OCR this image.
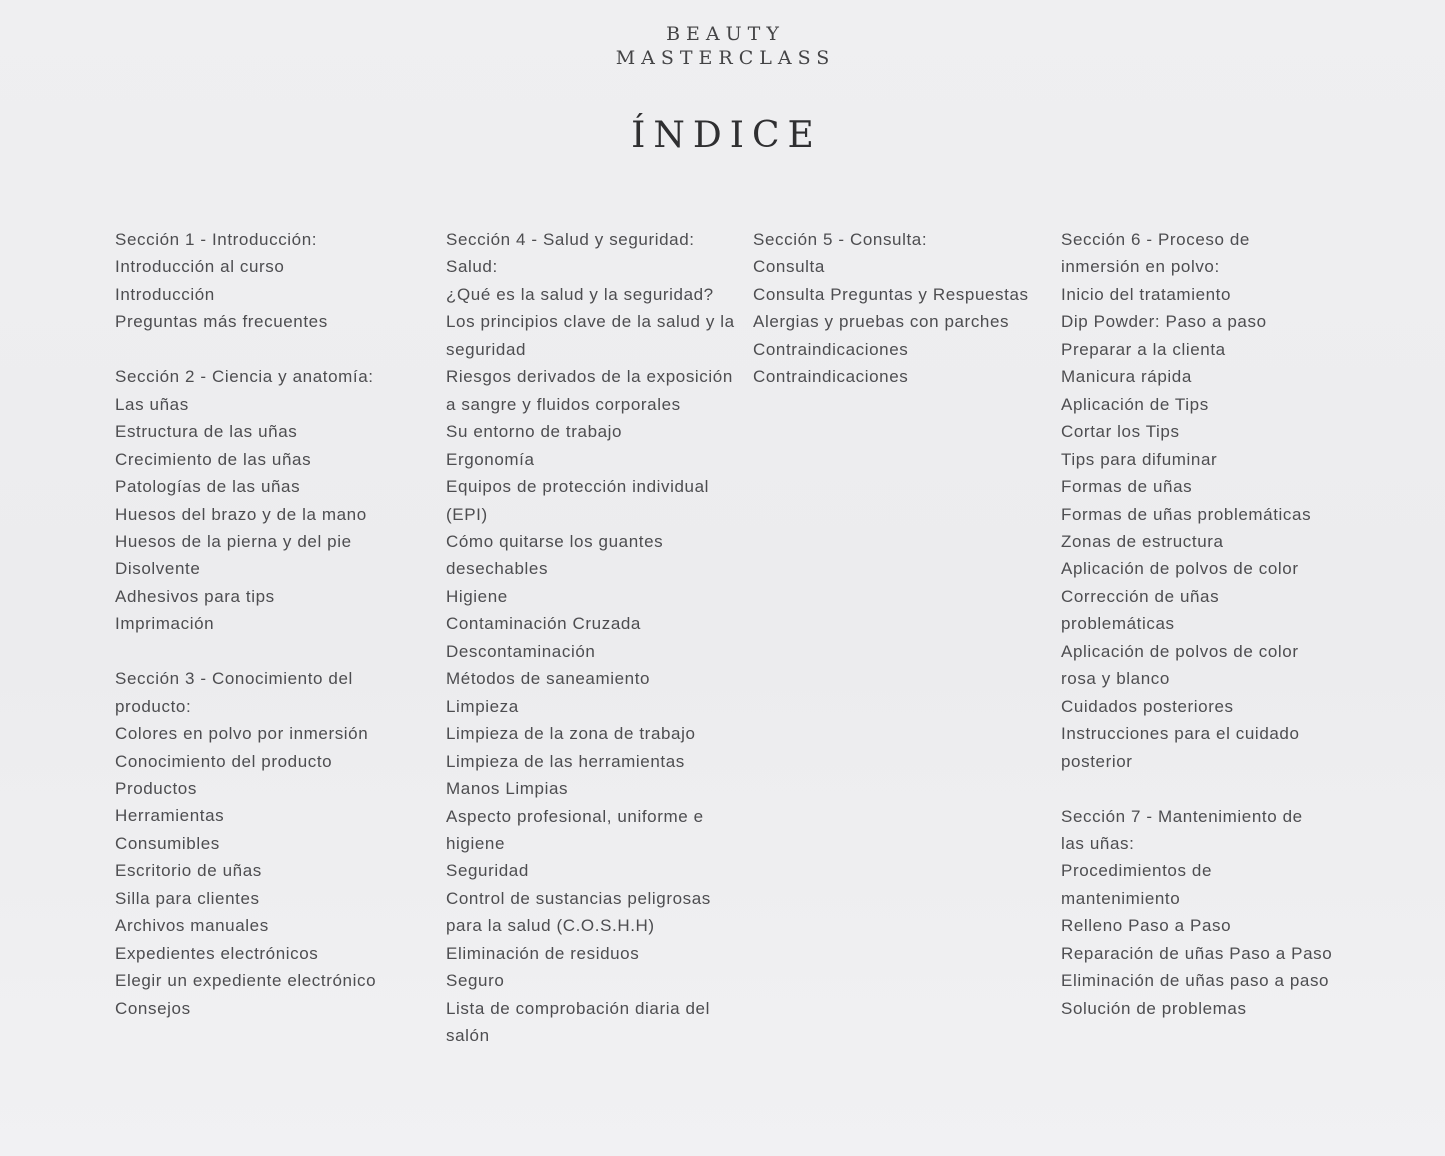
BEAUTY
MASTERCLASS
ÍNDICE
Sección 1 - Introducción:
Introducción al curso
Introducción
Preguntas más frecuentes
Sección 2 - Ciencia y anatomía:
Las uñas
Estructura de las uñas
Crecimiento de las uñas
Patologías de las uñas
Huesos del brazo y de la mano
Huesos de la pierna y del pie
Disolvente
Adhesivos para tips
Imprimación
Sección 3 - Conocimiento del
producto:
Colores en polvo por inmersión
Conocimiento del producto
Productos
Herramientas
Consumibles
Escritorio de uñas
Silla para clientes
Archivos manuales
Expedientes electrónicos
Elegir un expediente electrónico
Consejos
Sección 4 - Salud y seguridad:
Salud:
¿Qué es la salud y la seguridad?
Los principios clave de la salud y la
seguridad
Riesgos derivados de la exposición
a sangre y fluidos corporales
Su entorno de trabajo
Ergonomía
Equipos de protección individual
(EPI)
Cómo quitarse los guantes
desechables
Higiene
Contaminación Cruzada
Descontaminación
Métodos de saneamiento
Limpieza
Limpieza de la zona de trabajo
Limpieza de las herramientas
Manos Limpias
Aspecto profesional, uniforme e
higiene
Seguridad
Control de sustancias peligrosas
para la salud (C.O.S.H.H)
Eliminación de residuos
Seguro
Lista de comprobación diaria del
salón
Sección 5 - Consulta:
Consulta
Consulta Preguntas y Respuestas
Alergias y pruebas con parches
Contraindicaciones
Contraindicaciones
Sección 6 - Proceso de
inmersión en polvo:
Inicio del tratamiento
Dip Powder: Paso a paso
Preparar a la clienta
Manicura rápida
Aplicación de Tips
Cortar los Tips
Tips para difuminar
Formas de uñas
Formas de uñas problemáticas
Zonas de estructura
Aplicación de polvos de color
Corrección de uñas
problemáticas
Aplicación de polvos de color
rosa y blanco
Cuidados posteriores
Instrucciones para el cuidado
posterior
Sección 7 - Mantenimiento de
las uñas:
Procedimientos de
mantenimiento
Relleno Paso a Paso
Reparación de uñas Paso a Paso
Eliminación de uñas paso a paso
Solución de problemas
